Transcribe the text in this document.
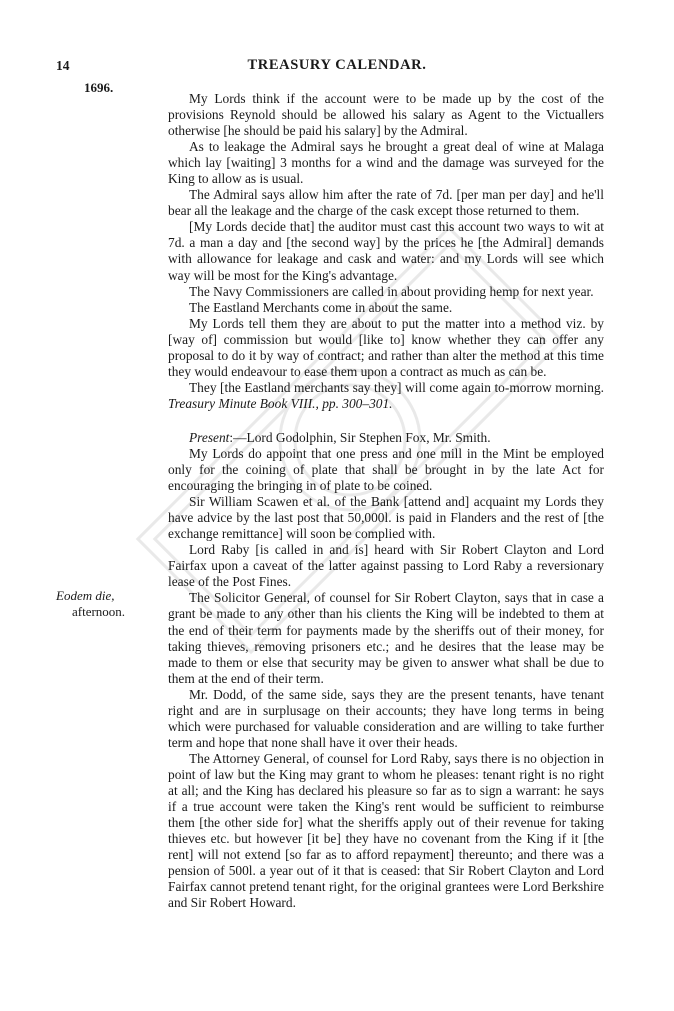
14	TREASURY CALENDAR.
1696.
Eodem die,
afternoon.

My Lords think if the account were to be made up by the cost of the provisions Reynold should be allowed his salary as Agent to the Victuallers otherwise [he should be paid his salary] by the Admiral.

As to leakage the Admiral says he brought a great deal of wine at Malaga which lay [waiting] 3 months for a wind and the damage was surveyed for the King to allow as is usual.

The Admiral says allow him after the rate of 7d. [per man per day] and he'll bear all the leakage and the charge of the cask except those returned to them.

[My Lords decide that] the auditor must cast this account two ways to wit at 7d. a man a day and [the second way] by the prices he [the Admiral] demands with allowance for leakage and cask and water: and my Lords will see which way will be most for the King's advantage.

The Navy Commissioners are called in about providing hemp for next year.

The Eastland Merchants come in about the same.

My Lords tell them they are about to put the matter into a method viz. by [way of] commission but would [like to] know whether they can offer any proposal to do it by way of contract; and rather than alter the method at this time they would endeavour to ease them upon a contract as much as can be.

They [the Eastland merchants say they] will come again to-morrow morning. Treasury Minute Book VIII., pp. 300–301.

Present:—Lord Godolphin, Sir Stephen Fox, Mr. Smith.

My Lords do appoint that one press and one mill in the Mint be employed only for the coining of plate that shall be brought in by the late Act for encouraging the bringing in of plate to be coined.

Sir William Scawen et al. of the Bank [attend and] acquaint my Lords they have advice by the last post that 50,000l. is paid in Flanders and the rest of [the exchange remittance] will soon be complied with.

Lord Raby [is called in and is] heard with Sir Robert Clayton and Lord Fairfax upon a caveat of the latter against passing to Lord Raby a reversionary lease of the Post Fines.

The Solicitor General, of counsel for Sir Robert Clayton, says that in case a grant be made to any other than his clients the King will be indebted to them at the end of their term for payments made by the sheriffs out of their money, for taking thieves, removing prisoners etc.; and he desires that the lease may be made to them or else that security may be given to answer what shall be due to them at the end of their term.

Mr. Dodd, of the same side, says they are the present tenants, have tenant right and are in surplusage on their accounts; they have long terms in being which were purchased for valuable consideration and are willing to take further term and hope that none shall have it over their heads.

The Attorney General, of counsel for Lord Raby, says there is no objection in point of law but the King may grant to whom he pleases: tenant right is no right at all; and the King has declared his pleasure so far as to sign a warrant: he says if a true account were taken the King's rent would be sufficient to reimburse them [the other side for] what the sheriffs apply out of their revenue for taking thieves etc. but however [it be] they have no covenant from the King if it [the rent] will not extend [so far as to afford repayment] thereunto; and there was a pension of 500l. a year out of it that is ceased: that Sir Robert Clayton and Lord Fairfax cannot pretend tenant right, for the original grantees were Lord Berkshire and Sir Robert Howard.
